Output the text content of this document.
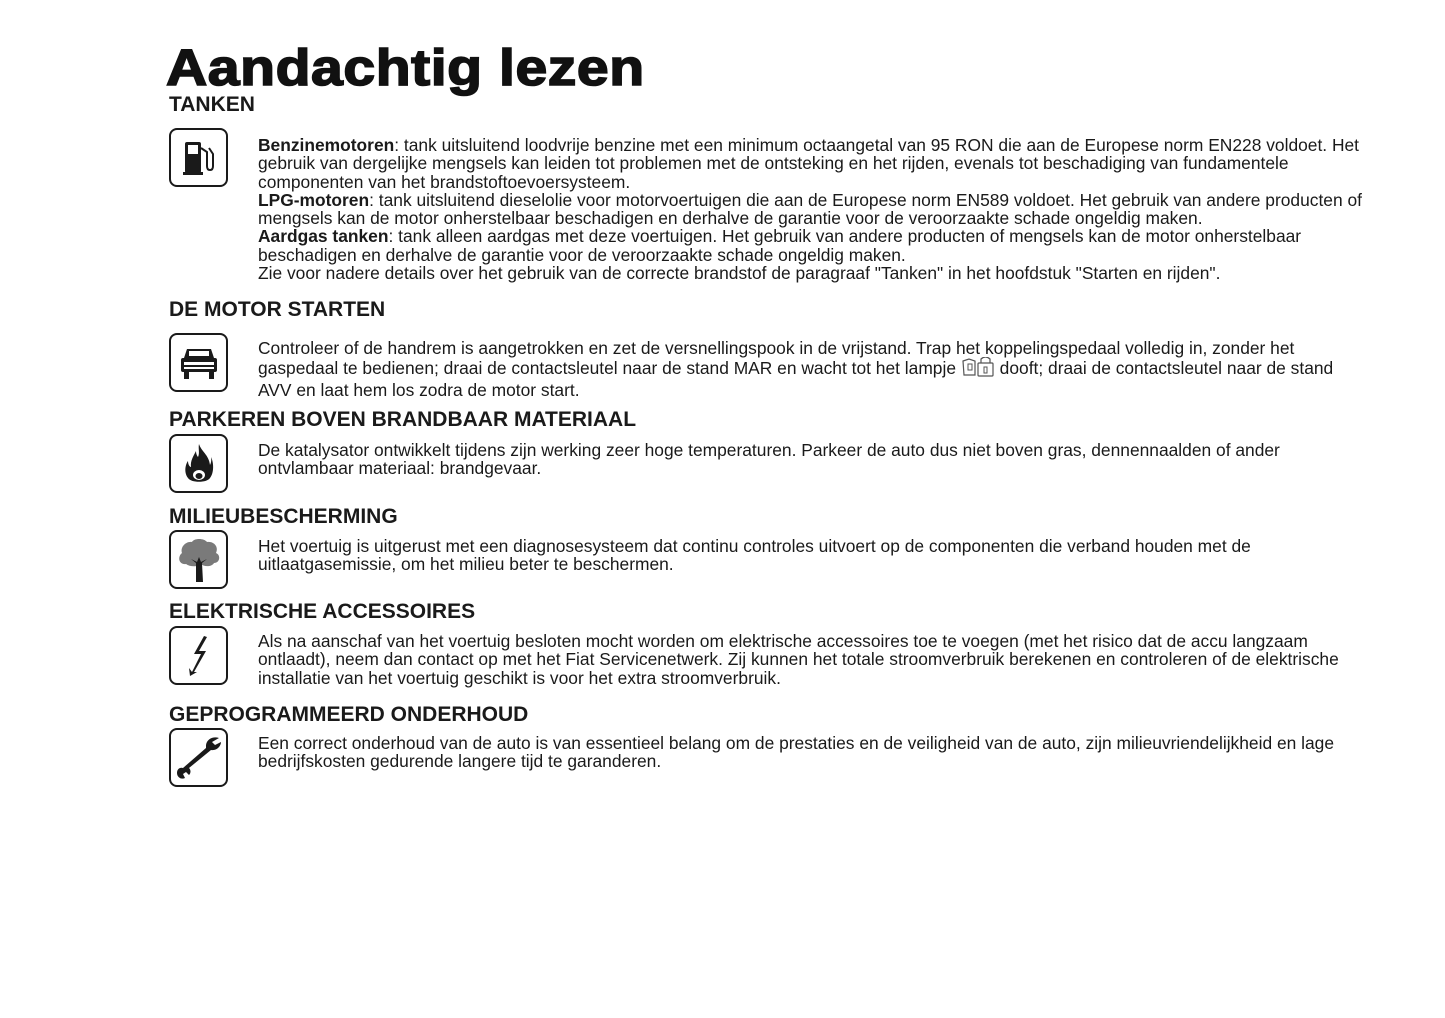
Aandachtig lezen
TANKEN

Benzinemotoren: tank uitsluitend loodvrije benzine met een minimum octaangetal van 95 RON die aan de Europese norm EN228 voldoet. Het gebruik van dergelijke mengsels kan leiden tot problemen met de ontsteking en het rijden, evenals tot beschadiging van fundamentele componenten van het brandstoftoevoersysteem.

LPG-motoren: tank uitsluitend dieselolie voor motorvoertuigen die aan de Europese norm EN589 voldoet. Het gebruik van andere producten of mengsels kan de motor onherstelbaar beschadigen en derhalve de garantie voor de veroorzaakte schade ongeldig maken.

Aardgas tanken: tank alleen aardgas met deze voertuigen. Het gebruik van andere producten of mengsels kan de motor onherstelbaar beschadigen en derhalve de garantie voor de veroorzaakte schade ongeldig maken.

Zie voor nadere details over het gebruik van de correcte brandstof de paragraaf "Tanken" in het hoofdstuk "Starten en rijden".

DE MOTOR STARTEN

Controleer of de handrem is aangetrokken en zet de versnellingspook in de vrijstand. Trap het koppelingspedaal volledig in, zonder het gaspedaal te bedienen; draai de contactsleutel naar de stand MAR en wacht tot het lampje  dooft; draai de contactsleutel naar de stand AVV en laat hem los zodra de motor start.

PARKEREN BOVEN BRANDBAAR MATERIAAL
De katalysator ontwikkelt tijdens zijn werking zeer hoge temperaturen. Parkeer de auto dus niet boven gras, dennennaalden of ander ontvlambaar materiaal: brandgevaar.
MILIEUBESCHERMING
Het voertuig is uitgerust met een diagnosesysteem dat continu controles uitvoert op de componenten die verband houden met de uitlaatgasemissie, om het milieu beter te beschermen.
ELEKTRISCHE ACCESSOIRES
Als na aanschaf van het voertuig besloten mocht worden om elektrische accessoires toe te voegen (met het risico dat de accu langzaam ontlaadt), neem dan contact op met het Fiat Servicenetwerk. Zij kunnen het totale stroomverbruik berekenen en controleren of de elektrische installatie van het voertuig geschikt is voor het extra stroomverbruik.
GEPROGRAMMEERD ONDERHOUD
Een correct onderhoud van de auto is van essentieel belang om de prestaties en de veiligheid van de auto, zijn milieuvriendelijkheid en lage bedrijfskosten gedurende langere tijd te garanderen.
